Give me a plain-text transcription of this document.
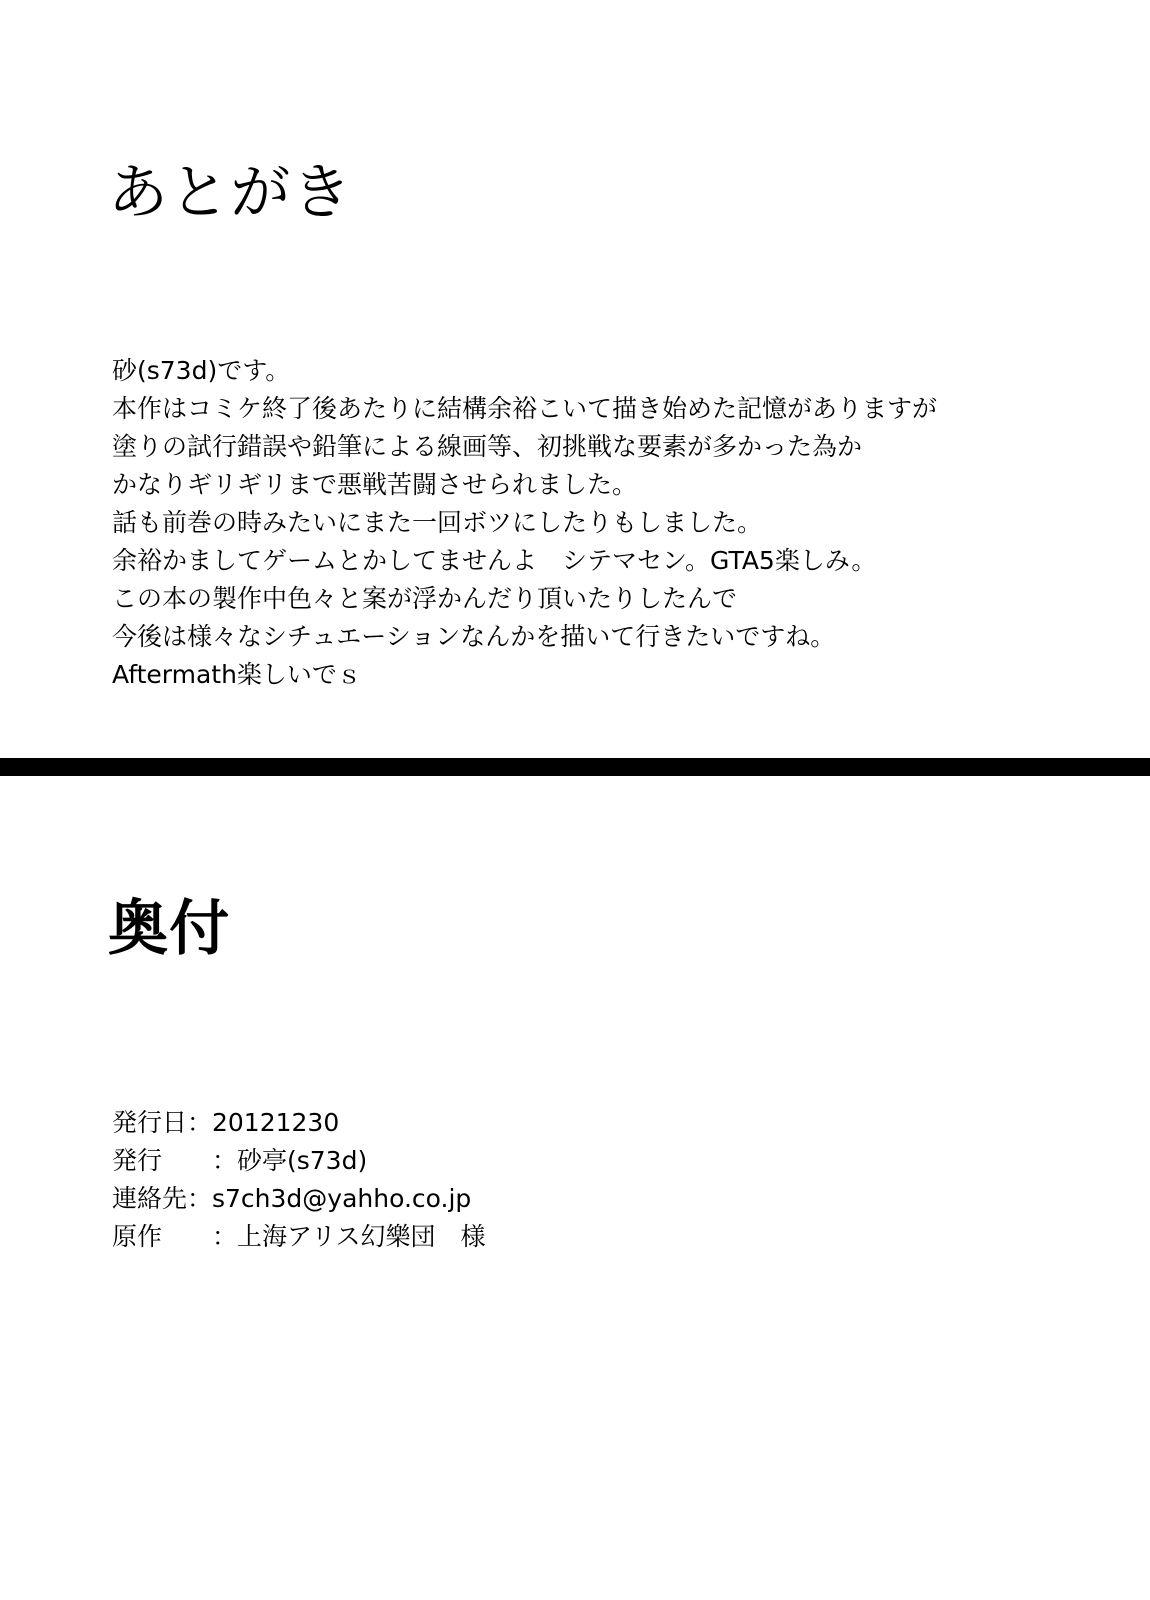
あとがき

砂(s73d)です。

本作はコミケ終了後あたりに結構余裕こいて描き始めた記憶がありますが

塗りの試行錯誤や鉛筆による線画等、初挑戦な要素が多かった為か

かなりギリギリまで悪戦苦闘させられました。

話も前巻の時みたいにまた一回ボツにしたりもしました。

余裕かましてゲームとかしてませんよ　シテマセン。GTA5楽しみ。

この本の製作中色々と案が浮かんだり頂いたりしたんで

今後は様々なシチュエーションなんかを描いて行きたいですね。

Aftermath楽しいでｓ

奥付
発行日：20121230
発行　　：砂亭(s73d)
連絡先：s7ch3d@yahho.co.jp
原作　　：上海アリス幻樂団　様
